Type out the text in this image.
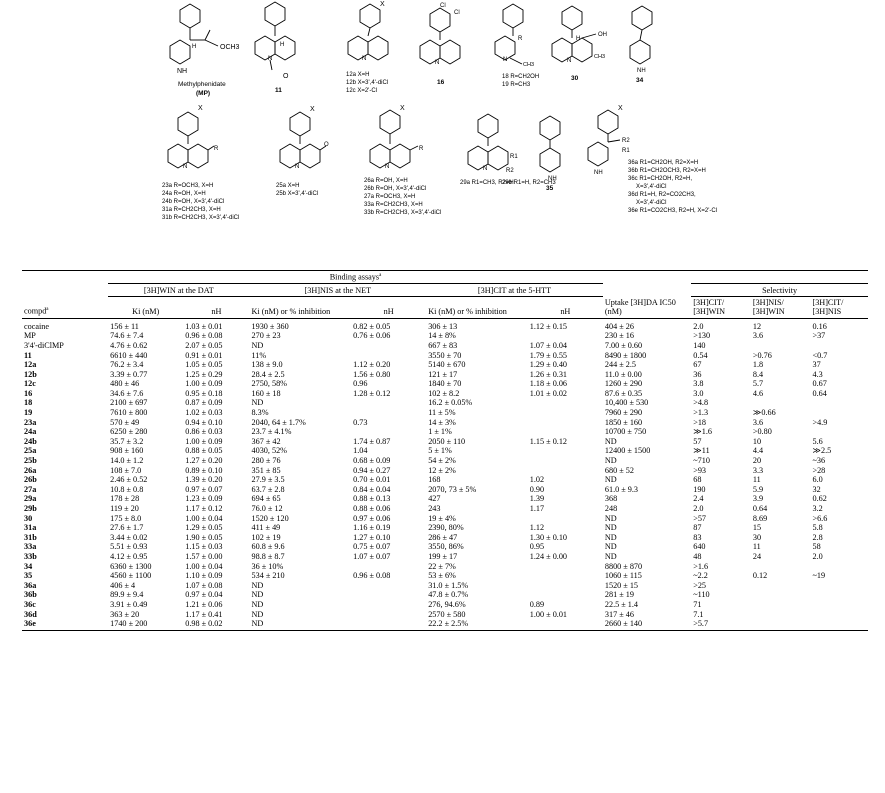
OCH3
NH
H
Methylphenidate
(MP)
O
N
H
11
X
N
12a X=H
12b X=3',4'-diCl
12c X=2'-Cl
Cl
Cl
N
16
R
N
CH3
18 R=CH2OH
19 R=CH3
OH
CH3
N
H
30
NH
34
X
R
N
23a R=OCH3, X=H
24a R=OH, X=H
24b R=OH, X=3',4'-diCl
31a R=CH2CH3, X=H
31b R=CH2CH3, X=3',4'-diCl
X
O
N
25a X=H
25b X=3',4'-diCl
X
R
N
26a R=OH, X=H
26b R=OH, X=3',4'-diCl
27a R=OCH3, X=H
33a R=CH2CH3, X=H
33b R=CH2CH3, X=3',4'-diCl
R1
R2
N
29a R1=CH3, R2=H
29b R1=H, R2=CH3
NH
35
X
R2
R1
NH
36a R1=CH2OH, R2=X=H
36b R1=CH2OCH3, R2=X=H
36c R1=CH2OH, R2=H,
X=3',4'-diCl
36d R1=H, R2=CO2CH3,
X=3',4'-diCl
36e R1=CO2CH3, R2=H, X=2'-Cl
	Binding assays$^a$				
	[3H]WIN at the DAT		[3H]NIS at the NET		[3H]CIT at the 5-HTT			Selectivity		
compd$^a$	Ki (nM)	nH	Ki (nM) or % inhibition	nH	Ki (nM) or % inhibition	nH	Uptake [3H]DA IC50 (nM)	[3H]CIT/ [3H]WIN	[3H]NIS/ [3H]WIN	[3H]CIT/ [3H]NIS
cocaine	156 ± 11	1.03 ± 0.01	1930 ± 360	0.82 ± 0.05	306 ± 13	1.12 ± 0.15	404 ± 26	2.0	12	0.16
MP	74.6 ± 7.4	0.96 ± 0.08	270 ± 23	0.76 ± 0.06	14 ± 8%		230 ± 16	>130	3.6	>37
3'4'-diClMP	4.76 ± 0.62	2.07 ± 0.05	ND		667 ± 83	1.07 ± 0.04	7.00 ± 0.60	140		
11	6610 ± 440	0.91 ± 0.01	11%		3550 ± 70	1.79 ± 0.55	8490 ± 1800	0.54	>0.76	<0.7
12a	76.2 ± 3.4	1.05 ± 0.05	138 ± 9.0	1.12 ± 0.20	5140 ± 670	1.29 ± 0.40	244 ± 2.5	67	1.8	37
12b	3.39 ± 0.77	1.25 ± 0.29	28.4 ± 2.5	1.56 ± 0.80	121 ± 17	1.26 ± 0.31	11.0 ± 0.00	36	8.4	4.3
12c	480 ± 46	1.00 ± 0.09	2750, 58%	0.96	1840 ± 70	1.18 ± 0.06	1260 ± 290	3.8	5.7	0.67
16	34.6 ± 7.6	0.95 ± 0.18	160 ± 18	1.28 ± 0.12	102 ± 8.2	1.01 ± 0.02	87.6 ± 0.35	3.0	4.6	0.64
18	2100 ± 697	0.87 ± 0.09	ND		16.2 ± 0.05%		10,400 ± 530	>4.8		
19	7610 ± 800	1.02 ± 0.03	8.3%		11 ± 5%		7960 ± 290	>1.3	≫0.66	
23a	570 ± 49	0.94 ± 0.10	2040, 64 ± 1.7%	0.73	14 ± 3%		1850 ± 160	>18	3.6	>4.9
24a	6250 ± 280	0.86 ± 0.03	23.7 ± 4.1%		1 ± 1%		10700 ± 750	≫1.6	>0.80	
24b	35.7 ± 3.2	1.00 ± 0.09	367 ± 42	1.74 ± 0.87	2050 ± 110	1.15 ± 0.12	ND	57	10	5.6
25a	908 ± 160	0.88 ± 0.05	4030, 52%	1.04	5 ± 1%		12400 ± 1500	≫11	4.4	≫2.5
25b	14.0 ± 1.2	1.27 ± 0.20	280 ± 76	0.68 ± 0.09	54 ± 2%		ND	~710	20	~36
26a	108 ± 7.0	0.89 ± 0.10	351 ± 85	0.94 ± 0.27	12 ± 2%		680 ± 52	>93	3.3	>28
26b	2.46 ± 0.52	1.39 ± 0.20	27.9 ± 3.5	0.70 ± 0.01	168	1.02	ND	68	11	6.0
27a	10.8 ± 0.8	0.97 ± 0.07	63.7 ± 2.8	0.84 ± 0.04	2070, 73 ± 5%	0.90	61.0 ± 9.3	190	5.9	32
29a	178 ± 28	1.23 ± 0.09	694 ± 65	0.88 ± 0.13	427	1.39	368	2.4	3.9	0.62
29b	119 ± 20	1.17 ± 0.12	76.0 ± 12	0.88 ± 0.06	243	1.17	248	2.0	0.64	3.2
30	175 ± 8.0	1.00 ± 0.04	1520 ± 120	0.97 ± 0.06	19 ± 4%		ND	>57	8.69	>6.6
31a	27.6 ± 1.7	1.29 ± 0.05	411 ± 49	1.16 ± 0.19	2390, 80%	1.12	ND	87	15	5.8
31b	3.44 ± 0.02	1.90 ± 0.05	102 ± 19	1.27 ± 0.10	286 ± 47	1.30 ± 0.10	ND	83	30	2.8
33a	5.51 ± 0.93	1.15 ± 0.03	60.8 ± 9.6	0.75 ± 0.07	3550, 86%	0.95	ND	640	11	58
33b	4.12 ± 0.95	1.57 ± 0.00	98.8 ± 8.7	1.07 ± 0.07	199 ± 17	1.24 ± 0.00	ND	48	24	2.0
34	6360 ± 1300	1.00 ± 0.04	36 ± 10%		22 ± 7%		8800 ± 870	>1.6		
35	4560 ± 1100	1.10 ± 0.09	534 ± 210	0.96 ± 0.08	53 ± 6%		1060 ± 115	~2.2	0.12	~19
36a	406 ± 4	1.07 ± 0.08	ND		31.0 ± 1.5%		1520 ± 15	>25		
36b	89.9 ± 9.4	0.97 ± 0.04	ND		47.8 ± 0.7%		281 ± 19	~110		
36c	3.91 ± 0.49	1.21 ± 0.06	ND		276, 94.6%	0.89	22.5 ± 1.4	71		
36d	363 ± 20	1.17 ± 0.41	ND		2570 ± 580	1.00 ± 0.01	317 ± 46	7.1		
36e	1740 ± 200	0.98 ± 0.02	ND		22.2 ± 2.5%		2660 ± 140	>5.7		
